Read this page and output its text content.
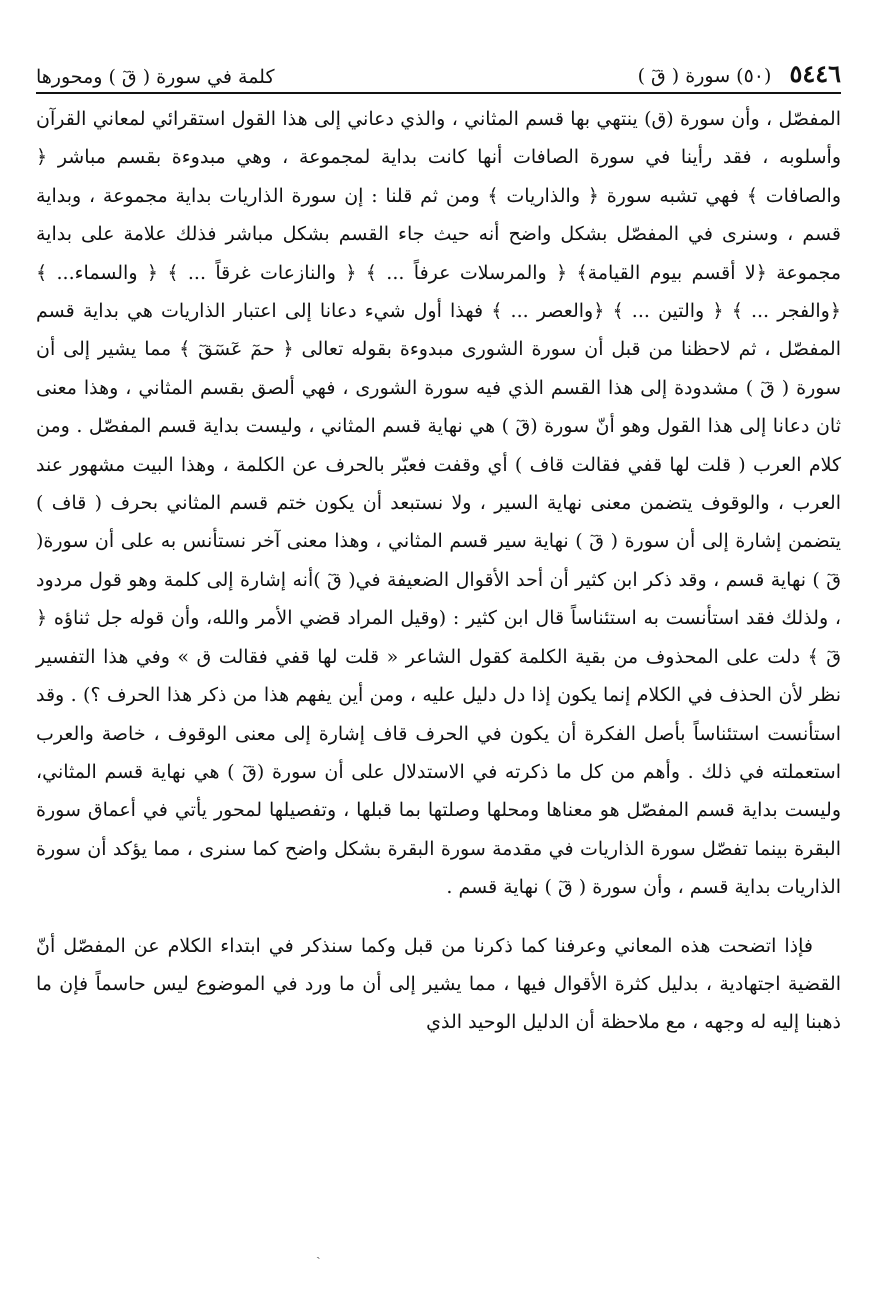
٥٤٤٦
(٥٠) سورة ( قٓ )
كلمة في سورة ( قٓ ) ومحورها

المفصّل ، وأن سورة (ق) ينتهي بها قسم المثاني ، والذي دعاني إلى هذا القول استقرائي لمعاني القرآن وأسلوبه ، فقد رأينا في سورة الصافات أنها كانت بداية لمجموعة ، وهي مبدوءة بقسم مباشر ﴿ والصافات ﴾ فهي تشبه سورة ﴿ والذاريات ﴾ ومن ثم قلنا : إن سورة الذاريات بداية مجموعة ، وبداية قسم ، وسنرى في المفصّل بشكل واضح أنه حيث جاء القسم بشكل مباشر فذلك علامة على بداية مجموعة ﴿لا أقسم بيوم القيامة﴾ ﴿ والمرسلات عرفاً ... ﴾ ﴿ والنازعات غرقاً ... ﴾ ﴿ والسماء... ﴾ ﴿والفجر ... ﴾ ﴿ والتين ... ﴾ ﴿والعصر ... ﴾ فهذا أول شيء دعانا إلى اعتبار الذاريات هي بداية قسم المفصّل ، ثم لاحظنا من قبل أن سورة الشورى مبدوءة بقوله تعالى ﴿ حمٓ عٓسٓقٓ ﴾ مما يشير إلى أن سورة ( قٓ ) مشدودة إلى هذا القسم الذي فيه سورة الشورى ، فهي ألصق بقسم المثاني ، وهذا معنى ثان دعانا إلى هذا القول وهو أنّ سورة (قٓ ) هي نهاية قسم المثاني ، وليست بداية قسم المفصّل . ومن كلام العرب ( قلت لها قفي فقالت قاف ) أي وقفت فعبّر بالحرف عن الكلمة ، وهذا البيت مشهور عند العرب ، والوقوف يتضمن معنى نهاية السير ، ولا نستبعد أن يكون ختم قسم المثاني بحرف ( قاف ) يتضمن إشارة إلى أن سورة ( قٓ ) نهاية سير قسم المثاني ، وهذا معنى آخر نستأنس به على أن سورة( قٓ ) نهاية قسم ، وقد ذكر ابن كثير أن أحد الأقوال الضعيفة في( قٓ )أنه إشارة إلى كلمة وهو قول مردود ، ولذلك فقد استأنست به استئناساً قال ابن كثير : (وقيل المراد قضي الأمر والله، وأن قوله جل ثناؤه ﴿ قٓ ﴾ دلت على المحذوف من بقية الكلمة كقول الشاعر « قلت لها قفي فقالت ق » وفي هذا التفسير نظر لأن الحذف في الكلام إنما يكون إذا دل دليل عليه ، ومن أين يفهم هذا من ذكر هذا الحرف ؟) . وقد استأنست استئناساً بأصل الفكرة أن يكون في الحرف قاف إشارة إلى معنى الوقوف ، خاصة والعرب استعملته في ذلك . وأهم من كل ما ذكرته في الاستدلال على أن سورة (قٓ ) هي نهاية قسم المثاني، وليست بداية قسم المفصّل هو معناها ومحلها وصلتها بما قبلها ، وتفصيلها لمحور يأتي في أعماق سورة البقرة بينما تفصّل سورة الذاريات في مقدمة سورة البقرة بشكل واضح كما سنرى ، مما يؤكد أن سورة الذاريات بداية قسم ، وأن سورة ( قٓ ) نهاية قسم .

فإذا اتضحت هذه المعاني وعرفنا كما ذكرنا من قبل وكما سنذكر في ابتداء الكلام عن المفصّل أنّ القضية اجتهادية ، بدليل كثرة الأقوال فيها ، مما يشير إلى أن ما ورد في الموضوع ليس حاسماً فإن ما ذهبنا إليه له وجهه ، مع ملاحظة أن الدليل الوحيد الذي

ˎ
